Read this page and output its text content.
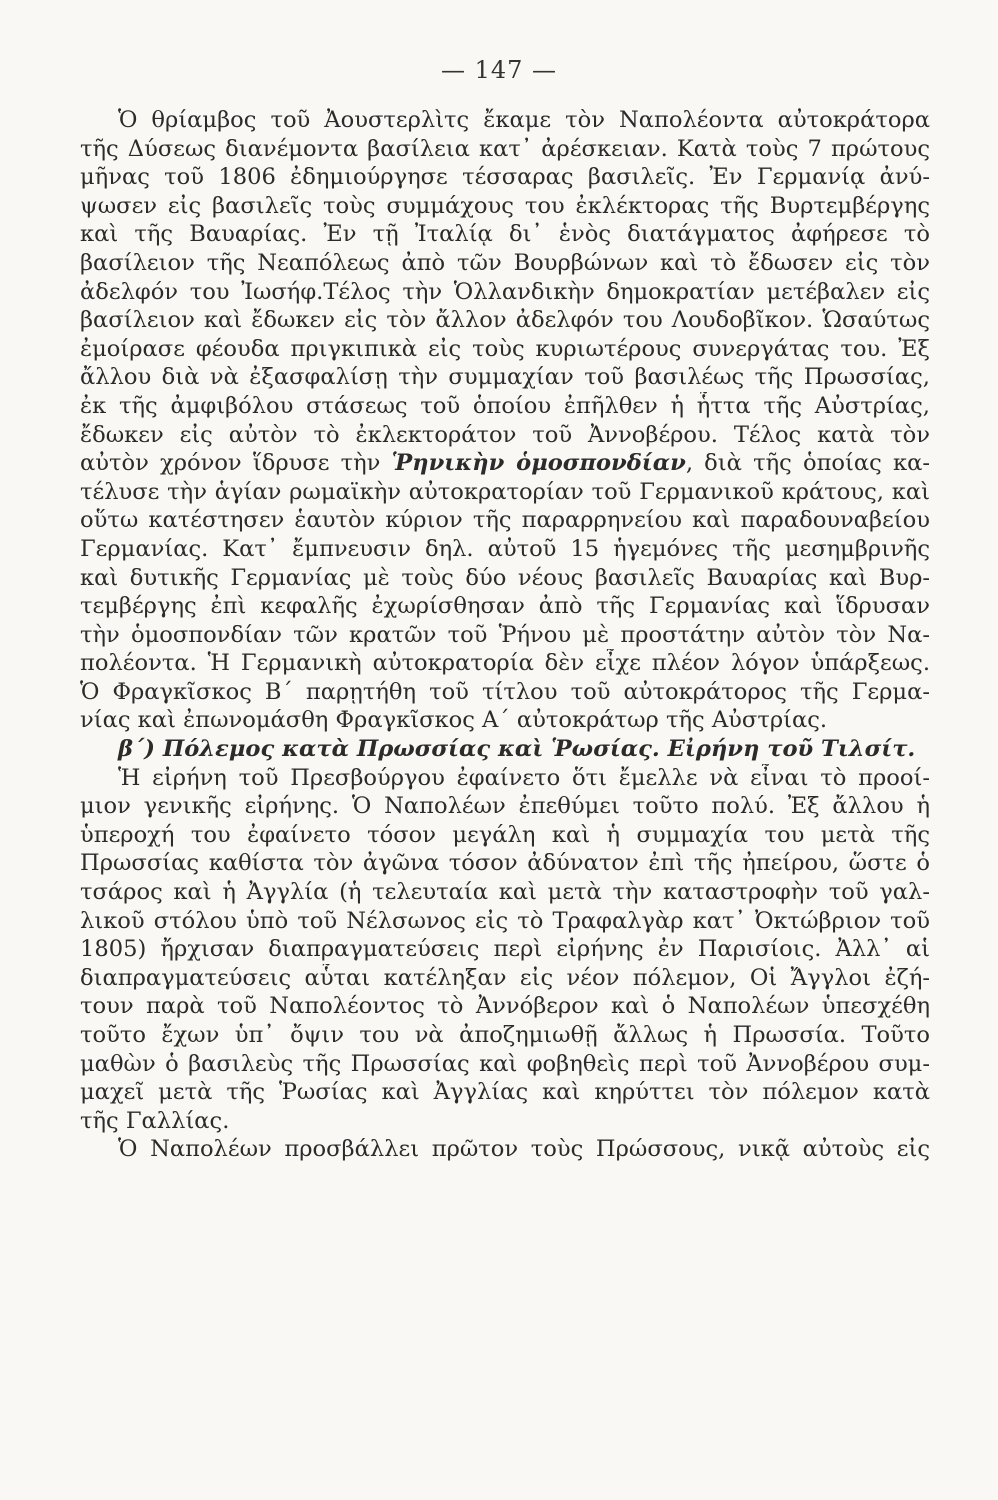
— 147 —
Ὁ θρίαμβος τοῦ Ἀουστερλὶτς ἔκαμε τὸν Ναπολέοντα αὐτοκράτορα
τῆς Δύσεως διανέμοντα βασίλεια κατ᾽ ἀρέσκειαν. Κατὰ τοὺς 7 πρώτους
μῆνας τοῦ 1806 ἐδημιούργησε τέσσαρας βασιλεῖς. Ἐν Γερμανίᾳ ἀνύ-
ψωσεν εἰς βασιλεῖς τοὺς συμμάχους του ἐκλέκτορας τῆς Βυρτεμβέργης
καὶ τῆς Βαυαρίας. Ἐν τῇ Ἰταλίᾳ δι᾽ ἑνὸς διατάγματος ἀφήρεσε τὸ
βασίλειον τῆς Νεαπόλεως ἀπὸ τῶν Βουρβώνων καὶ τὸ ἔδωσεν εἰς τὸν
ἀδελφόν του Ἰωσήφ.Τέλος τὴν Ὁλλανδικὴν δημοκρατίαν μετέβαλεν εἰς
βασίλειον καὶ ἔδωκεν εἰς τὸν ἄλλον ἀδελφόν του Λουδοβῖκον. Ὡσαύτως
ἐμοίρασε φέουδα πριγκιπικὰ εἰς τοὺς κυριωτέρους συνεργάτας του. Ἐξ
ἄλλου διὰ νὰ ἐξασφαλίσῃ τὴν συμμαχίαν τοῦ βασιλέως τῆς Πρωσσίας,
ἐκ τῆς ἀμφιβόλου στάσεως τοῦ ὁποίου ἐπῆλθεν ἡ ἧττα τῆς Αὐστρίας,
ἔδωκεν εἰς αὐτὸν τὸ ἐκλεκτοράτον τοῦ Ἀννοβέρου. Τέλος κατὰ τὸν
αὐτὸν χρόνον ἵδρυσε τὴν Ῥηνικὴν ὁμοσπονδίαν, διὰ τῆς ὁποίας κα-
τέλυσε τὴν ἁγίαν ρωμαϊκὴν αὐτοκρατορίαν τοῦ Γερμανικοῦ κράτους, καὶ
οὕτω κατέστησεν ἑαυτὸν κύριον τῆς παραρρηνείου καὶ παραδουναβείου
Γερμανίας. Κατ᾽ ἔμπνευσιν δηλ. αὐτοῦ 15 ἡγεμόνες τῆς μεσημβρινῆς
καὶ δυτικῆς Γερμανίας μὲ τοὺς δύο νέους βασιλεῖς Βαυαρίας καὶ Βυρ-
τεμβέργης ἐπὶ κεφαλῆς ἐχωρίσθησαν ἀπὸ τῆς Γερμανίας καὶ ἵδρυσαν
τὴν ὁμοσπονδίαν τῶν κρατῶν τοῦ Ῥήνου μὲ προστάτην αὐτὸν τὸν Να-
πολέοντα. Ἡ Γερμανικὴ αὐτοκρατορία δὲν εἶχε πλέον λόγον ὑπάρξεως.
Ὁ Φραγκῖσκος Β´ παρῃτήθη τοῦ τίτλου τοῦ αὐτοκράτορος τῆς Γερμα-
νίας καὶ ἐπωνομάσθη Φραγκῖσκος Α´ αὐτοκράτωρ τῆς Αὐστρίας.
β´) Πόλεμος κατὰ Πρωσσίας καὶ Ῥωσίας. Εἰρήνη τοῦ Τιλσίτ.
Ἡ εἰρήνη τοῦ Πρεσβούργου ἐφαίνετο ὅτι ἔμελλε νὰ εἶναι τὸ προοί-
μιον γενικῆς εἰρήνης. Ὁ Ναπολέων ἐπεθύμει τοῦτο πολύ. Ἐξ ἄλλου ἡ
ὑπεροχή του ἐφαίνετο τόσον μεγάλη καὶ ἡ συμμαχία του μετὰ τῆς
Πρωσσίας καθίστα τὸν ἀγῶνα τόσον ἀδύνατον ἐπὶ τῆς ἠπείρου, ὥστε ὁ
τσάρος καὶ ἡ Ἀγγλία (ἡ τελευταία καὶ μετὰ τὴν καταστροφὴν τοῦ γαλ-
λικοῦ στόλου ὑπὸ τοῦ Νέλσωνος εἰς τὸ Τραφαλγὰρ κατ᾽ Ὀκτώβριον τοῦ
1805) ἤρχισαν διαπραγματεύσεις περὶ εἰρήνης ἐν Παρισίοις. Ἀλλ᾽ αἱ
διαπραγματεύσεις αὗται κατέληξαν εἰς νέον πόλεμον, Οἱ Ἄγγλοι ἐζή-
τουν παρὰ τοῦ Ναπολέοντος τὸ Ἀννόβερον καὶ ὁ Ναπολέων ὑπεσχέθη
τοῦτο ἔχων ὑπ᾽ ὄψιν του νὰ ἀποζημιωθῇ ἄλλως ἡ Πρωσσία. Τοῦτο
μαθὼν ὁ βασιλεὺς τῆς Πρωσσίας καὶ φοβηθεὶς περὶ τοῦ Ἀννοβέρου συμ-
μαχεῖ μετὰ τῆς Ῥωσίας καὶ Ἀγγλίας καὶ κηρύττει τὸν πόλεμον κατὰ
τῆς Γαλλίας.
Ὁ Ναπολέων προσβάλλει πρῶτον τοὺς Πρώσσους, νικᾷ αὐτοὺς εἰς
